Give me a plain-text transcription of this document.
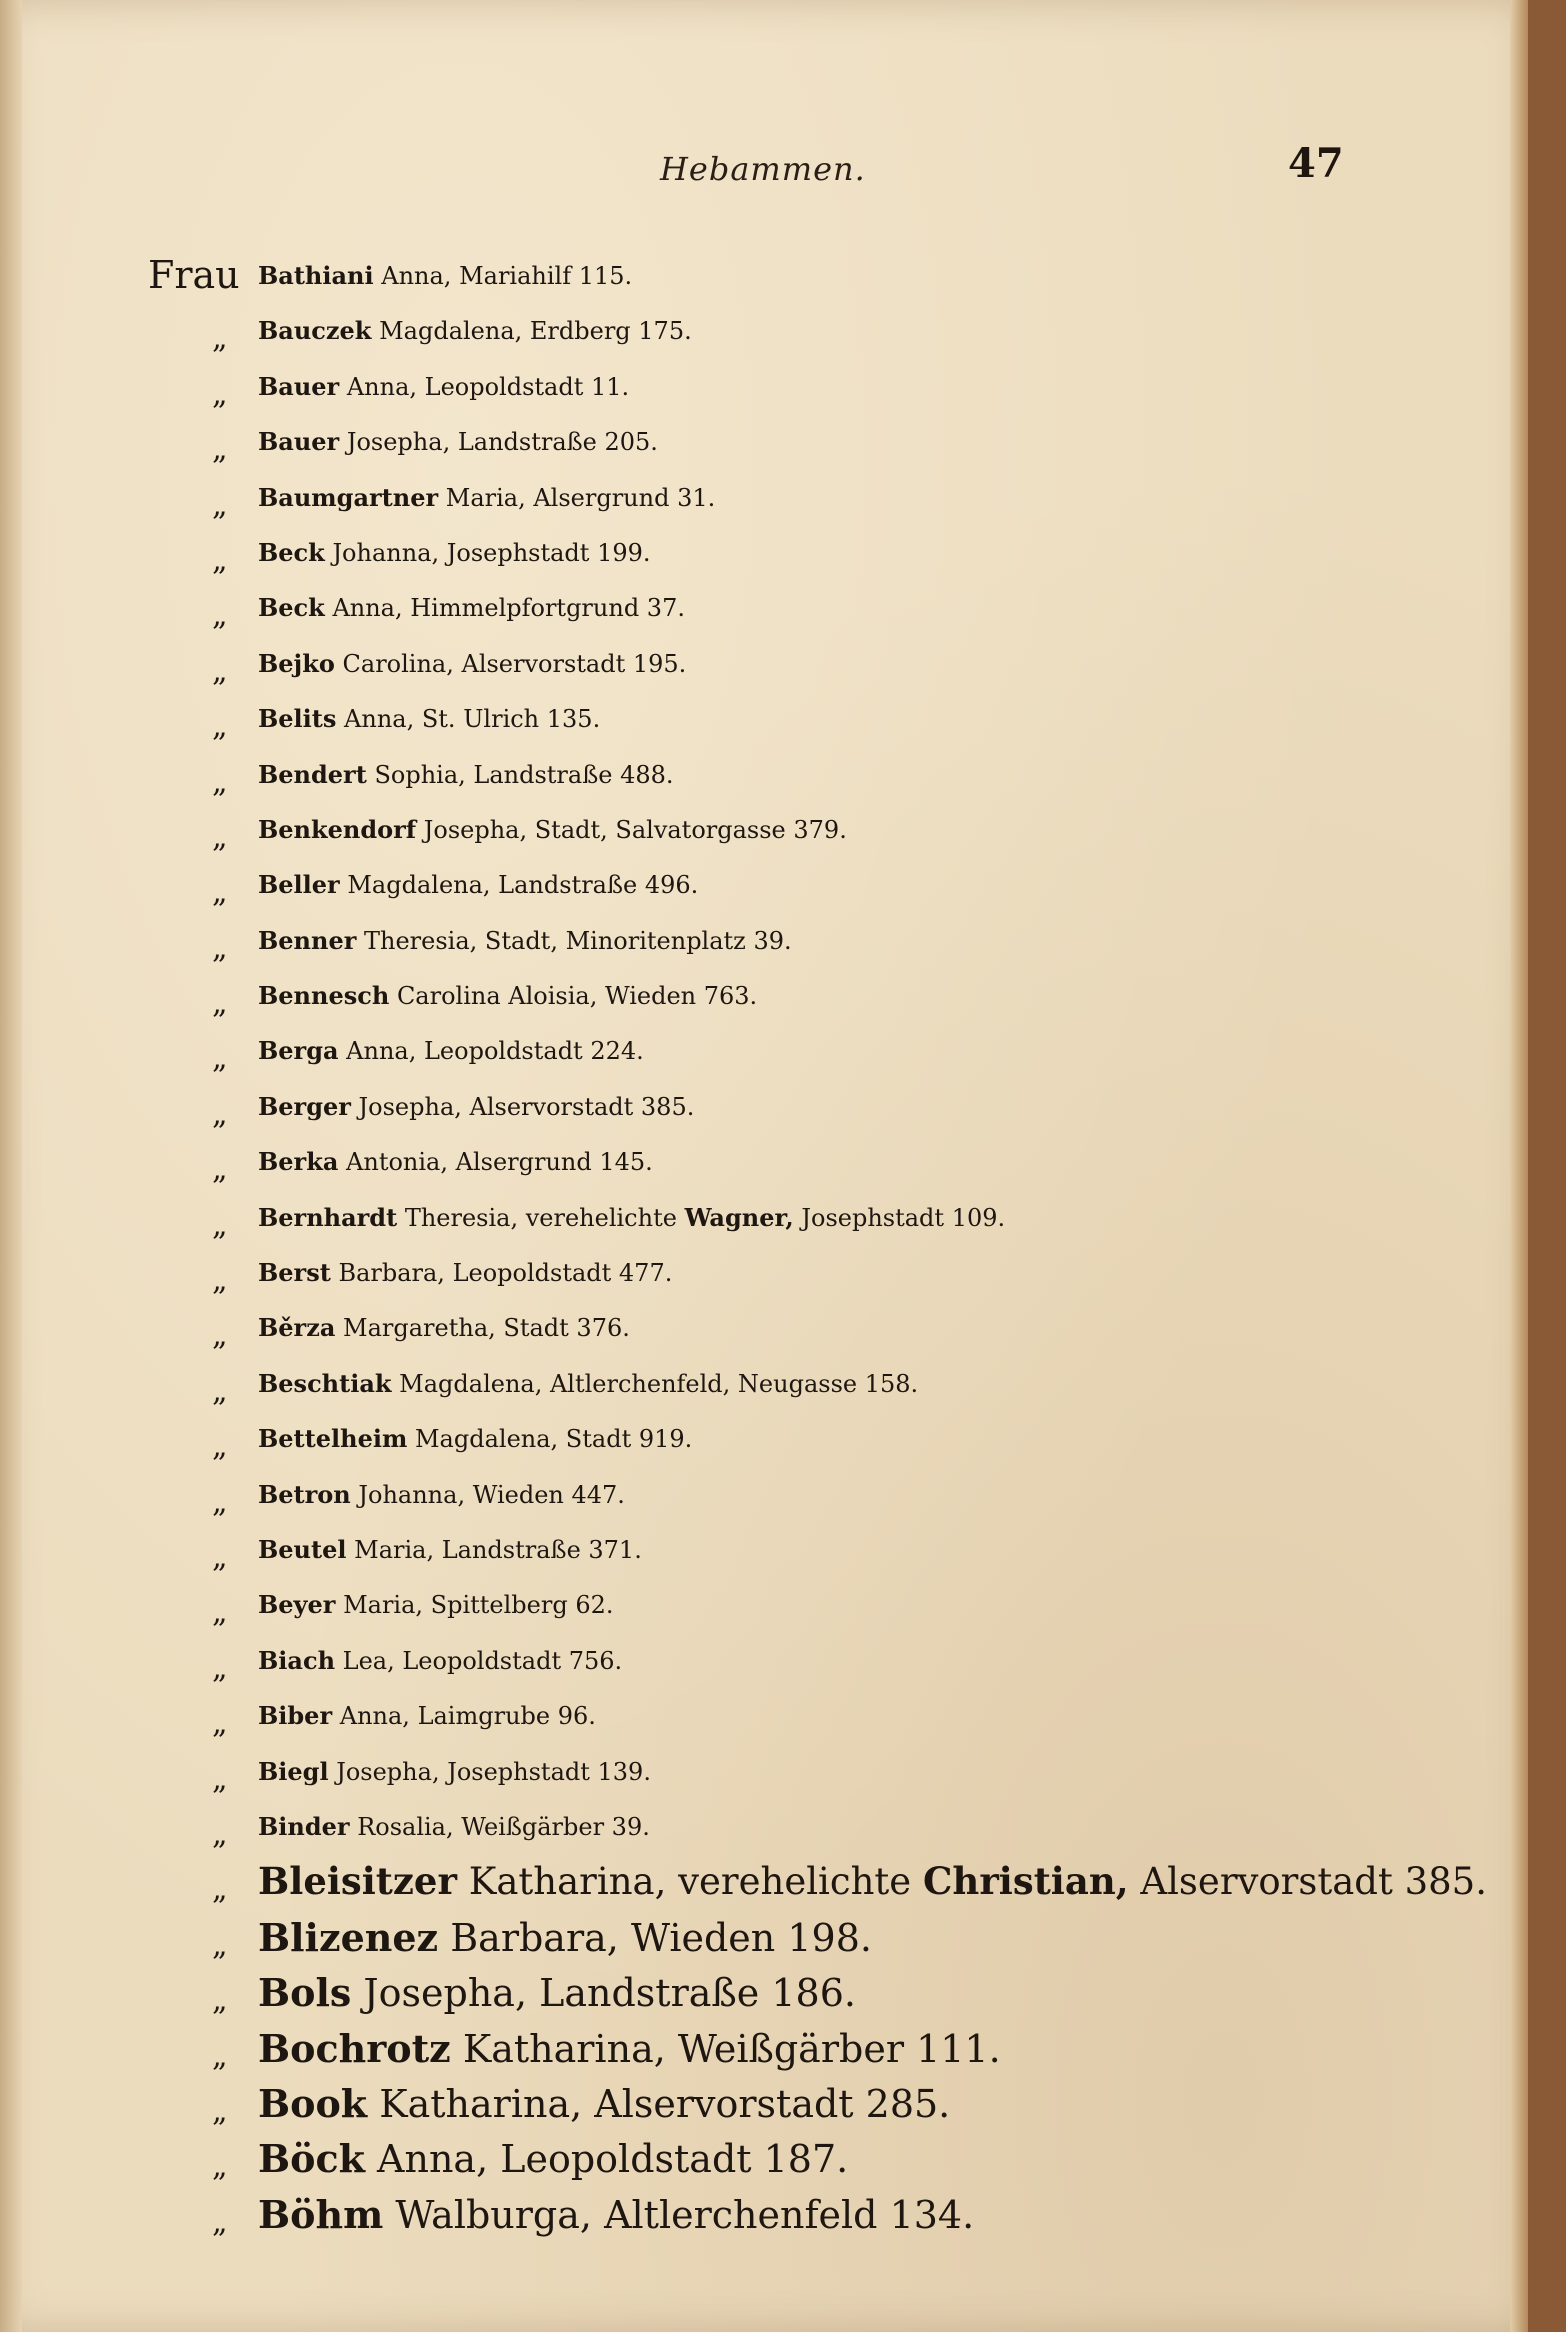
Hebammen.	47
Frau Bathiani Anna, Mariahilf 115.
„ Bauczek Magdalena, Erdberg 175.
„ Bauer Anna, Leopoldstadt 11.
„ Bauer Josepha, Landstraße 205.
„ Baumgartner Maria, Alsergrund 31.
„ Beck Johanna, Josephstadt 199.
„ Beck Anna, Himmelpfortgrund 37.
„ Bejko Carolina, Alservorstadt 195.
„ Belits Anna, St. Ulrich 135.
„ Bendert Sophia, Landstraße 488.
„ Benkendorf Josepha, Stadt, Salvatorgasse 379.
„ Beller Magdalena, Landstraße 496.
„ Benner Theresia, Stadt, Minoritenplatz 39.
„ Bennesch Carolina Aloisia, Wieden 763.
„ Berga Anna, Leopoldstadt 224.
„ Berger Josepha, Alservorstadt 385.
„ Berka Antonia, Alsergrund 145.
„ Bernhardt Theresia, verehelichte Wagner, Josephstadt 109.
„ Berst Barbara, Leopoldstadt 477.
„ Běrza Margaretha, Stadt 376.
„ Beschtiak Magdalena, Altlerchenfeld, Neugasse 158.
„ Bettelheim Magdalena, Stadt 919.
„ Betron Johanna, Wieden 447.
„ Beutel Maria, Landstraße 371.
„ Beyer Maria, Spittelberg 62.
„ Biach Lea, Leopoldstadt 756.
„ Biber Anna, Laimgrube 96.
„ Biegl Josepha, Josephstadt 139.
„ Binder Rosalia, Weißgärber 39.
„ Bleisitzer Katharina, verehelichte Christian, Alservorstadt 385.
„ Blizenez Barbara, Wieden 198.
„ Bols Josepha, Landstraße 186.
„ Bochrotz Katharina, Weißgärber 111.
„ Book Katharina, Alservorstadt 285.
„ Böck Anna, Leopoldstadt 187.
„ Böhm Walburga, Altlerchenfeld 134.
